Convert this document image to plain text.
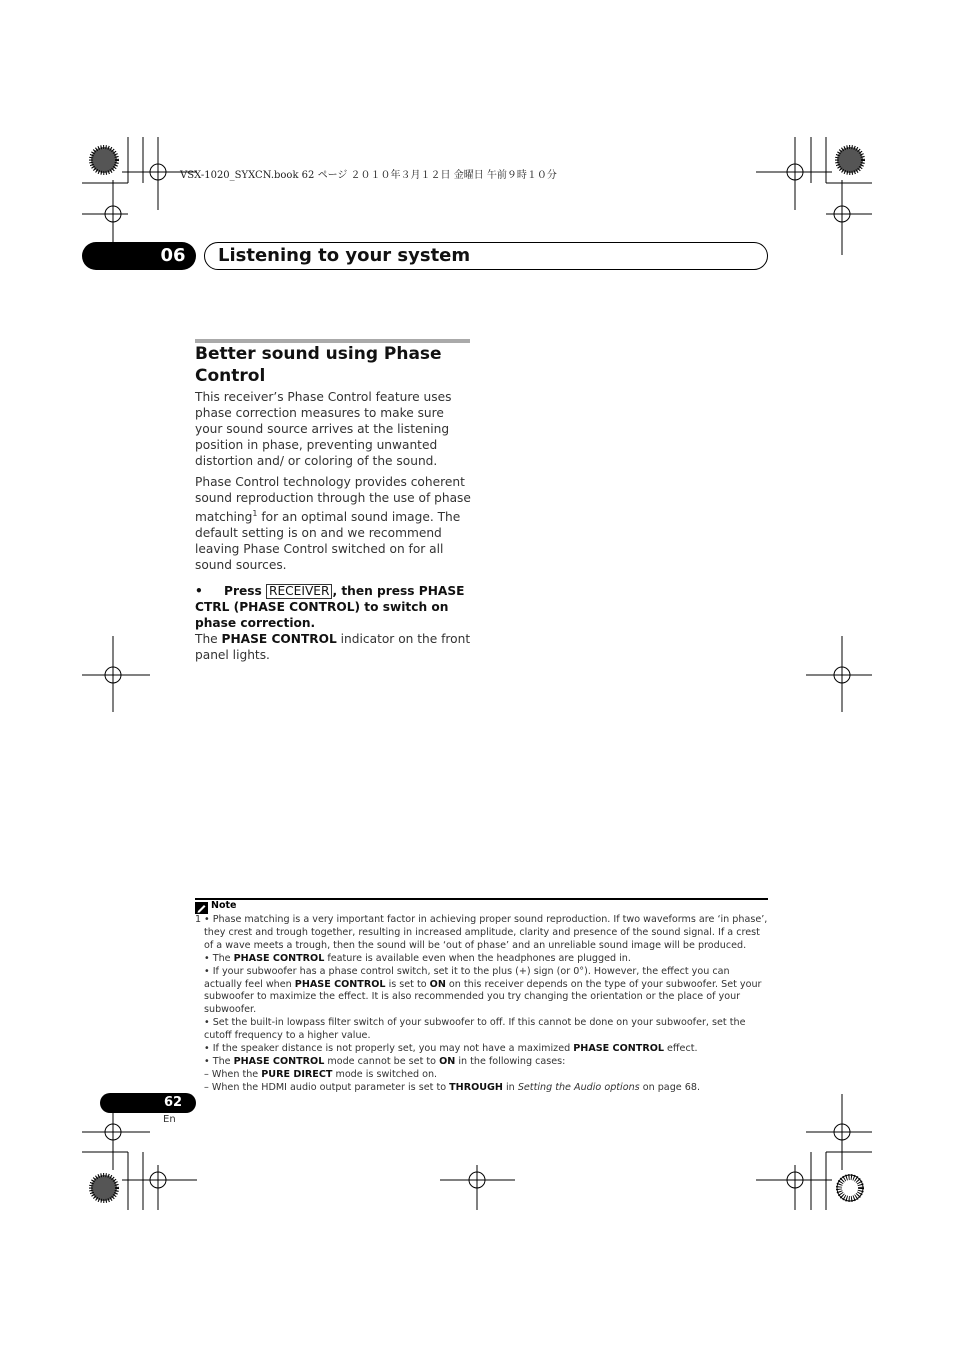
VSX-1020_SYXCN.book 62 ページ ２０１０年３月１２日 金曜日 午前９時１０分
06	Listening to your system
Better sound using Phase Control
This receiver’s Phase Control feature uses phase correction measures to make sure your sound source arrives at the listening position in phase, preventing unwanted distortion and/ or coloring of the sound.
Phase Control technology provides coherent sound reproduction through the use of phase matching$^1$ for an optimal sound image. The default setting is on and we recommend leaving Phase Control switched on for all sound sources.
• Press RECEIVER , then press PHASE CTRL (PHASE CONTROL) to switch on phase correction.
The PHASE CONTROL indicator on the front panel lights.
Note
1 • Phase matching is a very important factor in achieving proper sound reproduction. If two waveforms are ‘in phase’, they crest and trough together, resulting in increased amplitude, clarity and presence of the sound signal. If a crest of a wave meets a trough, then the sound will be ‘out of phase’ and an unreliable sound image will be produced.

• The PHASE CONTROL feature is available even when the headphones are plugged in.

• If your subwoofer has a phase control switch, set it to the plus (+) sign (or 0°). However, the effect you can actually feel when PHASE CONTROL is set to ON on this receiver depends on the type of your subwoofer. Set your subwoofer to maximize the effect. It is also recommended you try changing the orientation or the place of your subwoofer.

• Set the built-in lowpass filter switch of your subwoofer to off. If this cannot be done on your subwoofer, set the cutoff frequency to a higher value.

• If the speaker distance is not properly set, you may not have a maximized PHASE CONTROL effect.

• The PHASE CONTROL mode cannot be set to ON in the following cases:

– When the PURE DIRECT mode is switched on.

– When the HDMI audio output parameter is set to THROUGH in Setting the Audio options on page 68.

62
En
